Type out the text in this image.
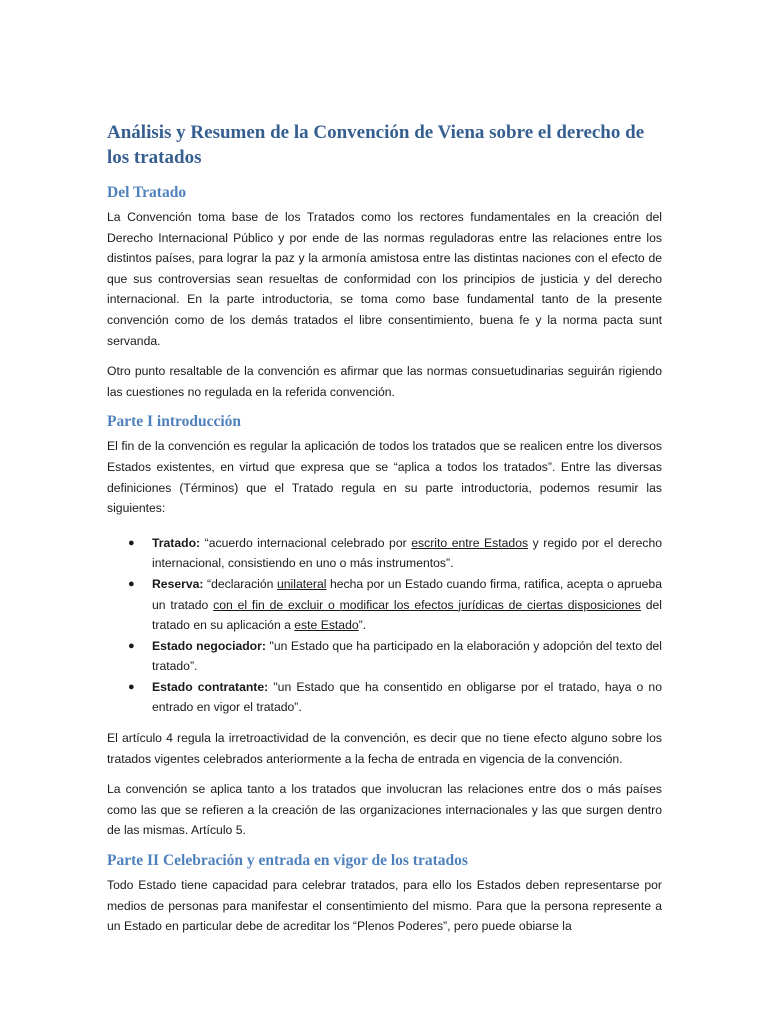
Análisis y Resumen de la Convención de Viena sobre el derecho de los tratados
Del Tratado

La Convención toma base de los Tratados como los rectores fundamentales en la creación del Derecho Internacional Público y por ende de las normas reguladoras entre las relaciones entre los distintos países, para lograr la paz y la armonía amistosa entre las distintas naciones con el efecto de que sus controversias sean resueltas de conformidad con los principios de justicia y del derecho internacional. En la parte introductoria, se toma como base fundamental tanto de la presente convención como de los demás tratados el libre consentimiento, buena fe y la norma pacta sunt servanda.

Otro punto resaltable de la convención es afirmar que las normas consuetudinarias seguirán rigiendo las cuestiones no regulada en la referida convención.

Parte I introducción

El fin de la convención es regular la aplicación de todos los tratados que se realicen entre los diversos Estados existentes, en virtud que expresa que se “aplica a todos los tratados”. Entre las diversas definiciones (Términos) que el Tratado regula en su parte introductoria, podemos resumir las siguientes:

● Tratado: “acuerdo internacional celebrado por escrito entre Estados y regido por el derecho internacional, consistiendo en uno o más instrumentos”.
● Reserva: “declaración unilateral hecha por un Estado cuando firma, ratifica, acepta o aprueba un tratado con el fin de excluir o modificar los efectos jurídicas de ciertas disposiciones del tratado en su aplicación a este Estado”.
● Estado negociador: "un Estado que ha participado en la elaboración y adopción del texto del tratado”.
● Estado contratante: "un Estado que ha consentido en obligarse por el tratado, haya o no entrado en vigor el tratado”.

El artículo 4 regula la irretroactividad de la convención, es decir que no tiene efecto alguno sobre los tratados vigentes celebrados anteriormente a la fecha de entrada en vigencia de la convención.

La convención se aplica tanto a los tratados que involucran las relaciones entre dos o más países como las que se refieren a la creación de las organizaciones internacionales y las que surgen dentro de las mismas. Artículo 5.

Parte II Celebración y entrada en vigor de los tratados

Todo Estado tiene capacidad para celebrar tratados, para ello los Estados deben representarse por medios de personas para manifestar el consentimiento del mismo. Para que la persona represente a un Estado en particular debe de acreditar los “Plenos Poderes”, pero puede obiarse la
